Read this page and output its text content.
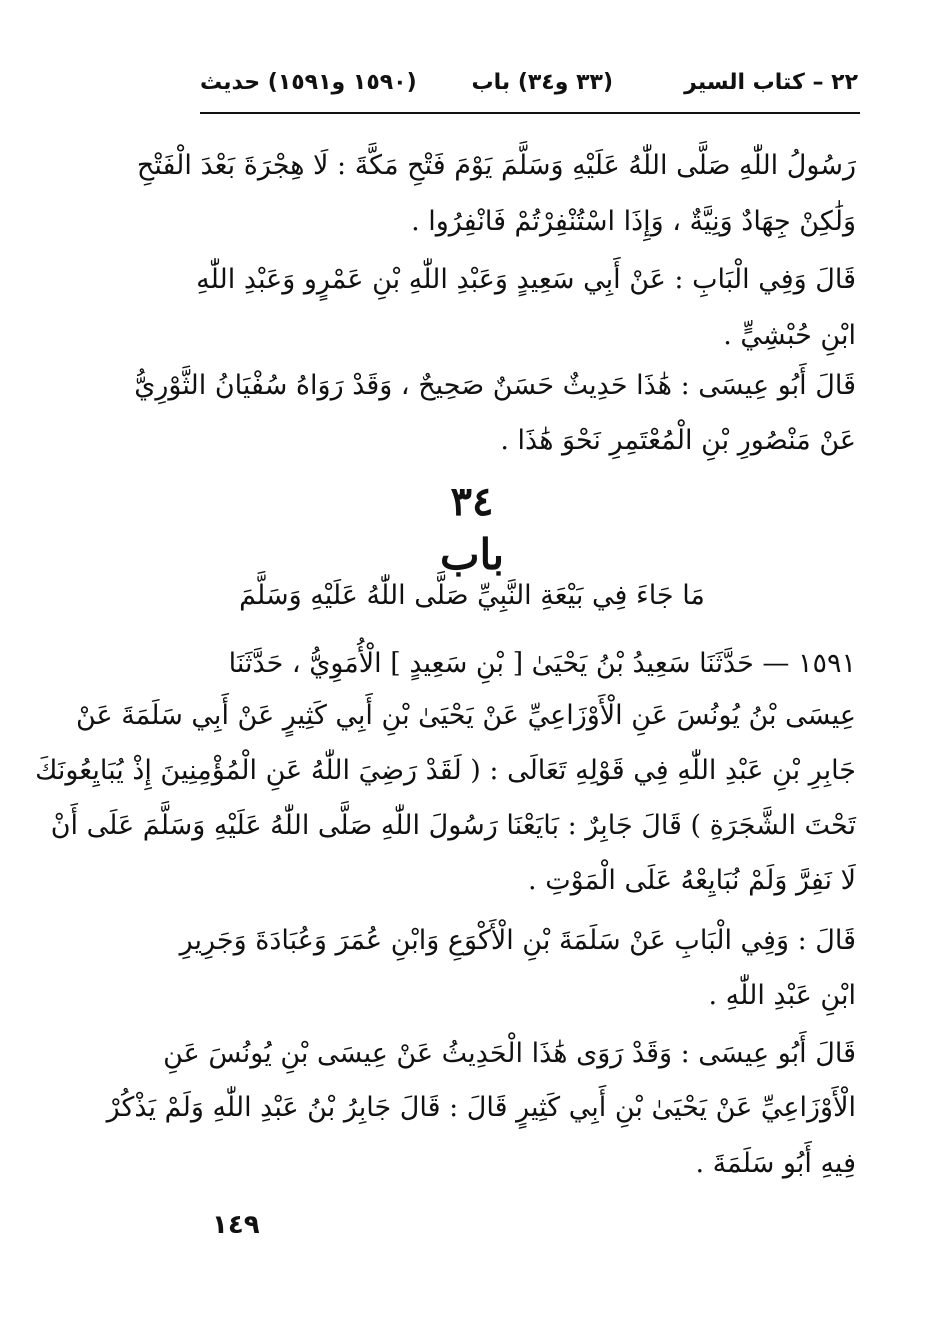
٢٢ – كتاب السير
(٣٣ و٣٤) باب
(١٥٩٠ و١٥٩١) حديث
رَسُولُ اللّٰهِ صَلَّى اللّٰهُ عَلَيْهِ وَسَلَّمَ يَوْمَ فَتْحِ مَكَّةَ : لَا هِجْرَةَ بَعْدَ الْفَتْحِ
وَلَٰكِنْ جِهَادٌ وَنِيَّةٌ ، وَإِذَا اسْتُنْفِرْتُمْ فَانْفِرُوا .
قَالَ وَفِي الْبَابِ : عَنْ أَبِي سَعِيدٍ وَعَبْدِ اللّٰهِ بْنِ عَمْرٍو وَعَبْدِ اللّٰهِ
ابْنِ حُبْشِيٍّ .
قَالَ أَبُو عِيسَى : هَٰذَا حَدِيثٌ حَسَنٌ صَحِيحٌ ، وَقَدْ رَوَاهُ سُفْيَانُ الثَّوْرِيُّ
عَنْ مَنْصُورِ بْنِ الْمُعْتَمِرِ نَحْوَ هَٰذَا .
٣٤
باب
مَا جَاءَ فِي بَيْعَةِ النَّبِيِّ صَلَّى اللّٰهُ عَلَيْهِ وَسَلَّمَ
١٥٩١ — حَدَّثَنَا سَعِيدُ بْنُ يَحْيَىٰ [ بْنِ سَعِيدٍ ] الْأُمَوِيُّ ، حَدَّثَنَا
عِيسَى بْنُ يُونُسَ عَنِ الْأَوْزَاعِيِّ عَنْ يَحْيَىٰ بْنِ أَبِي كَثِيرٍ عَنْ أَبِي سَلَمَةَ عَنْ
جَابِرِ بْنِ عَبْدِ اللّٰهِ فِي قَوْلِهِ تَعَالَى : ( لَقَدْ رَضِيَ اللّٰهُ عَنِ الْمُؤْمِنِينَ إِذْ يُبَايِعُونَكَ
تَحْتَ الشَّجَرَةِ ) قَالَ جَابِرٌ : بَايَعْنَا رَسُولَ اللّٰهِ صَلَّى اللّٰهُ عَلَيْهِ وَسَلَّمَ عَلَى أَنْ
لَا نَفِرَّ وَلَمْ نُبَايِعْهُ عَلَى الْمَوْتِ .
قَالَ : وَفِي الْبَابِ عَنْ سَلَمَةَ بْنِ الْأَكْوَعِ وَابْنِ عُمَرَ وَعُبَادَةَ وَجَرِيرِ
ابْنِ عَبْدِ اللّٰهِ .
قَالَ أَبُو عِيسَى : وَقَدْ رَوَى هَٰذَا الْحَدِيثُ عَنْ عِيسَى بْنِ يُونُسَ عَنِ
الْأَوْزَاعِيِّ عَنْ يَحْيَىٰ بْنِ أَبِي كَثِيرٍ قَالَ : قَالَ جَابِرُ بْنُ عَبْدِ اللّٰهِ وَلَمْ يَذْكُرْ
فِيهِ أَبُو سَلَمَةَ .
١٤٩
